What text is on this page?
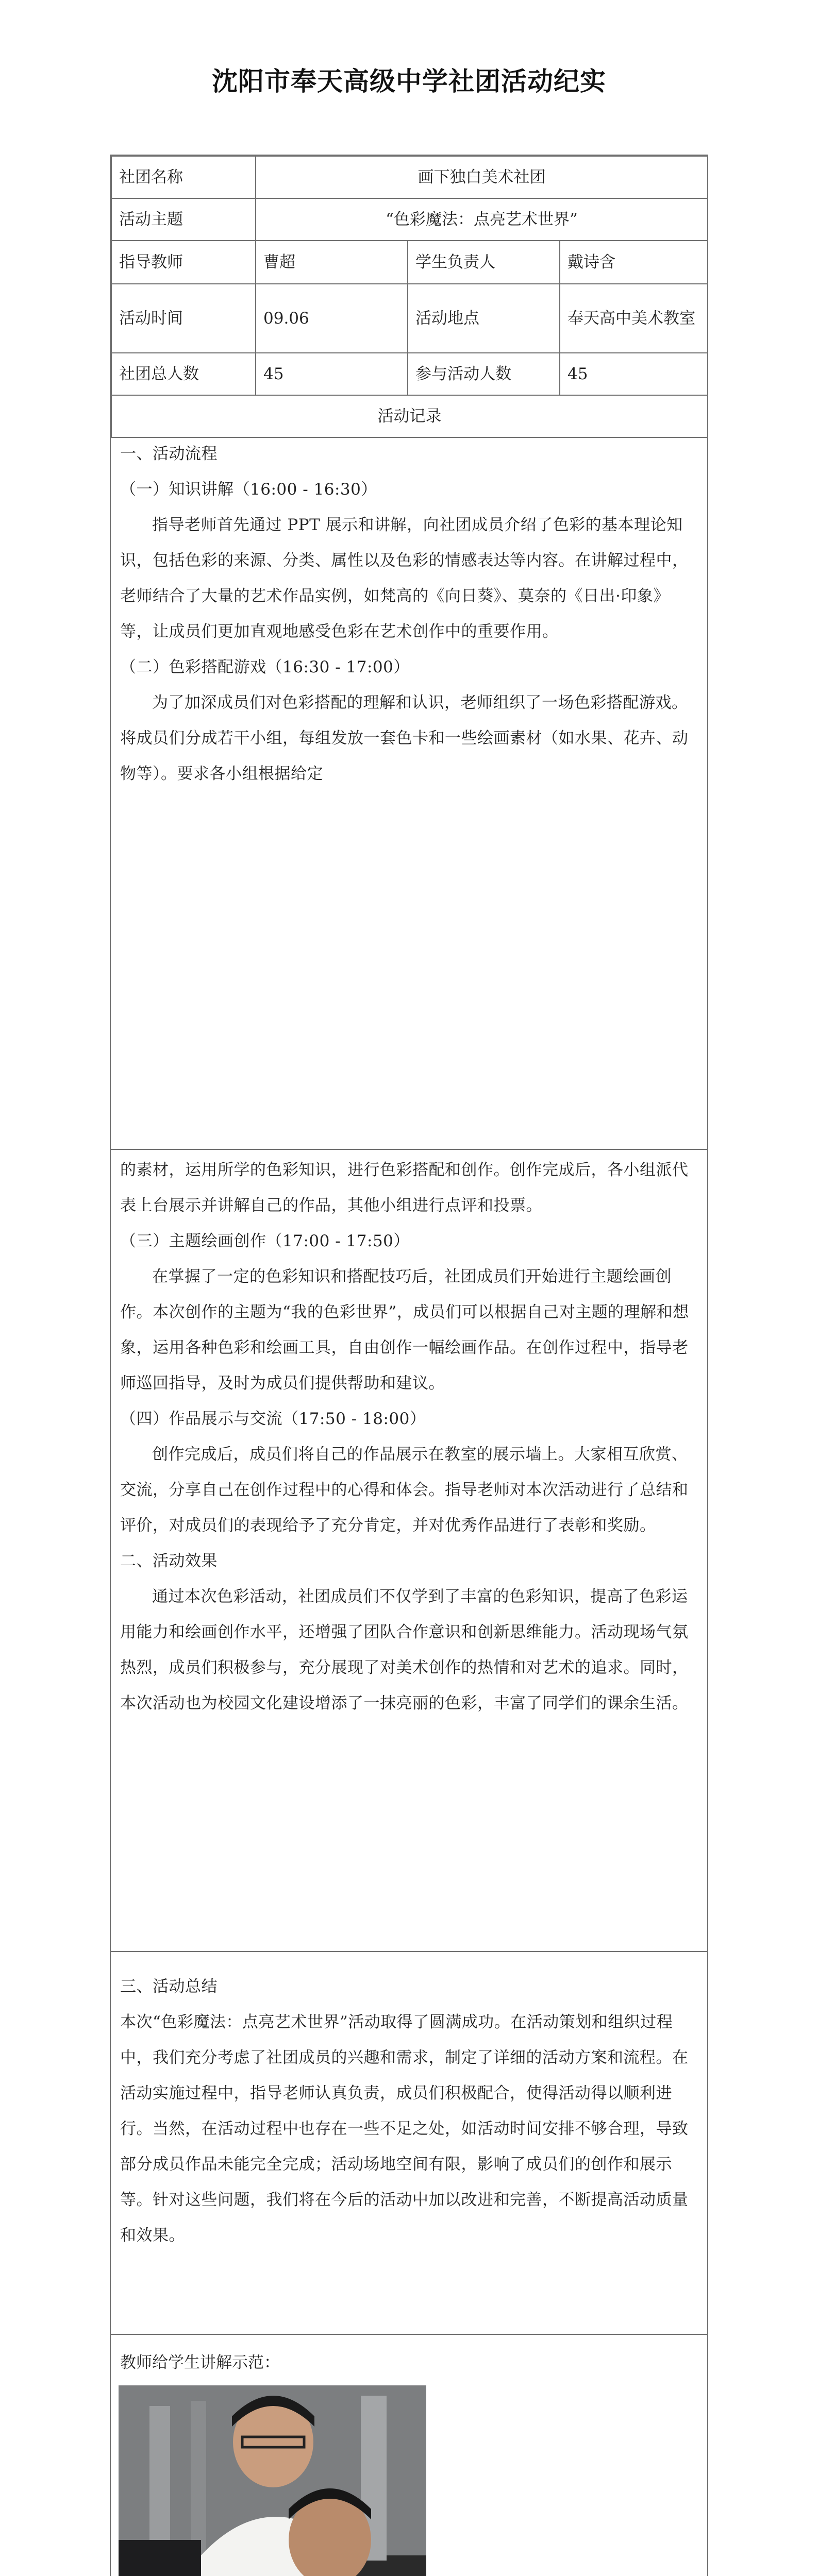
沈阳市奉天高级中学社团活动纪实
社团名称	画下独白美术社团		
活动主题	“色彩魔法：点亮艺术世界”		
指导教师	曹超	学生负责人	戴诗含
活动时间	09.06	活动地点	奉天高中美术教室
社团总人数	45	参与活动人数	45
活动记录			

一、活动流程

（一）知识讲解（16:00 - 16:30）

指导老师首先通过 PPT 展示和讲解，向社团成员介绍了色彩的基本理论知识，包括色彩的来源、分类、属性以及色彩的情感表达等内容。在讲解过程中，老师结合了大量的艺术作品实例，如梵高的《向日葵》、莫奈的《日出·印象》等，让成员们更加直观地感受色彩在艺术创作中的重要作用。

（二）色彩搭配游戏（16:30 - 17:00）

为了加深成员们对色彩搭配的理解和认识，老师组织了一场色彩搭配游戏。将成员们分成若干小组，每组发放一套色卡和一些绘画素材（如水果、花卉、动物等）。要求各小组根据给定

的素材，运用所学的色彩知识，进行色彩搭配和创作。创作完成后，各小组派代表上台展示并讲解自己的作品，其他小组进行点评和投票。

（三）主题绘画创作（17:00 - 17:50）

在掌握了一定的色彩知识和搭配技巧后，社团成员们开始进行主题绘画创作。本次创作的主题为“我的色彩世界”，成员们可以根据自己对主题的理解和想象，运用各种色彩和绘画工具，自由创作一幅绘画作品。在创作过程中，指导老师巡回指导，及时为成员们提供帮助和建议。

（四）作品展示与交流（17:50 - 18:00）

创作完成后，成员们将自己的作品展示在教室的展示墙上。大家相互欣赏、交流，分享自己在创作过程中的心得和体会。指导老师对本次活动进行了总结和评价，对成员们的表现给予了充分肯定，并对优秀作品进行了表彰和奖励。

二、活动效果

通过本次色彩活动，社团成员们不仅学到了丰富的色彩知识，提高了色彩运用能力和绘画创作水平，还增强了团队合作意识和创新思维能力。活动现场气氛热烈，成员们积极参与，充分展现了对美术创作的热情和对艺术的追求。同时，本次活动也为校园文化建设增添了一抹亮丽的色彩，丰富了同学们的课余生活。

三、活动总结

本次“色彩魔法：点亮艺术世界”活动取得了圆满成功。在活动策划和组织过程中，我们充分考虑了社团成员的兴趣和需求，制定了详细的活动方案和流程。在活动实施过程中，指导老师认真负责，成员们积极配合，使得活动得以顺利进行。当然，在活动过程中也存在一些不足之处，如活动时间安排不够合理，导致部分成员作品未能完全完成；活动场地空间有限，影响了成员们的创作和展示等。针对这些问题，我们将在今后的活动中加以改进和完善，不断提高活动质量和效果。

教师给学生讲解示范：
